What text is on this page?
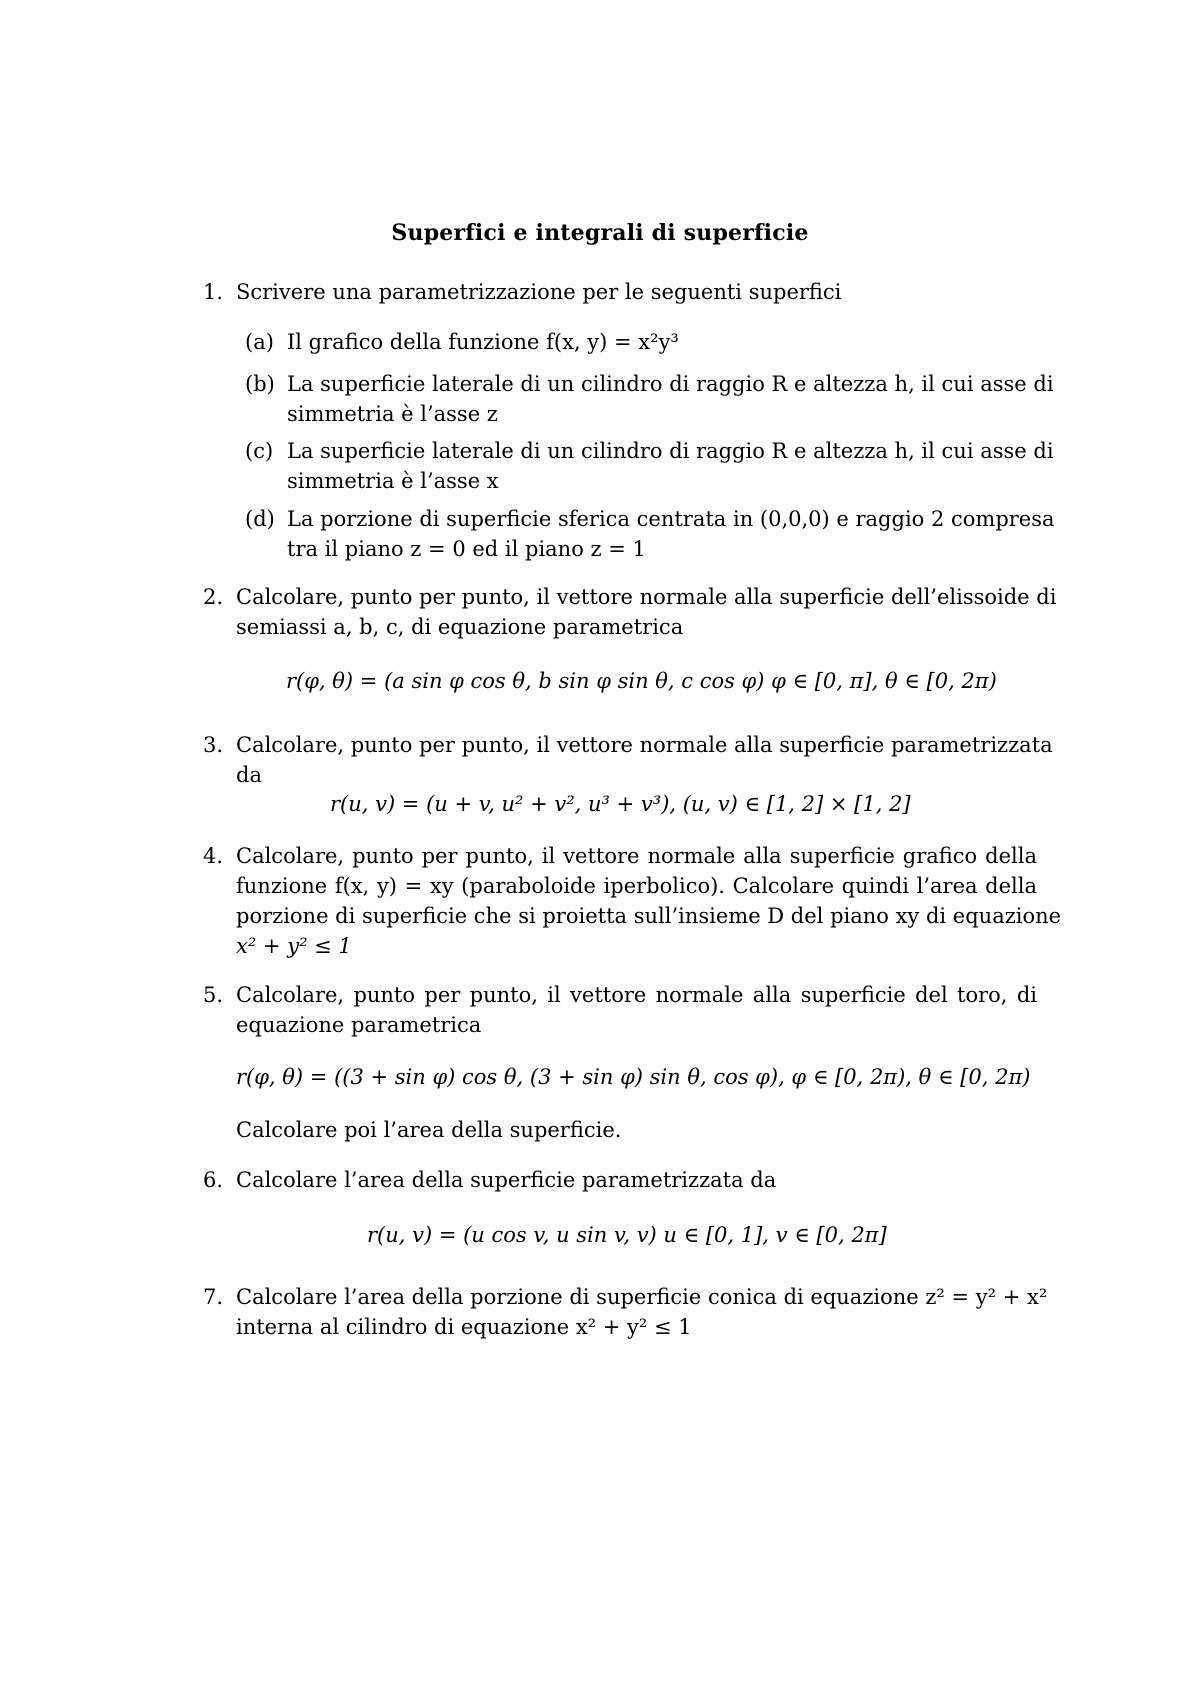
Superfici e integrali di superficie
1. Scrivere una parametrizzazione per le seguenti superfici
(a) Il grafico della funzione f(x, y) = x²y³
(b) La superficie laterale di un cilindro di raggio R e altezza h, il cui asse di
simmetria è l’asse z
(c) La superficie laterale di un cilindro di raggio R e altezza h, il cui asse di
simmetria è l’asse x
(d) La porzione di superficie sferica centrata in (0,0,0) e raggio 2 compresa
tra il piano z = 0 ed il piano z = 1
2. Calcolare, punto per punto, il vettore normale alla superficie dell’elissoide di
semiassi a, b, c, di equazione parametrica
r(φ, θ) = (a sin φ cos θ, b sin φ sin θ, c cos φ) φ ∈ [0, π], θ ∈ [0, 2π)
3. Calcolare, punto per punto, il vettore normale alla superficie parametrizzata
da
r(u, v) = (u + v, u² + v², u³ + v³), (u, v) ∈ [1, 2] × [1, 2]
4. Calcolare, punto per punto, il vettore normale alla superficie grafico della
funzione f(x, y) = xy (paraboloide iperbolico). Calcolare quindi l’area della
porzione di superficie che si proietta sull’insieme D del piano xy di equazione
x² + y² ≤ 1
5. Calcolare, punto per punto, il vettore normale alla superficie del toro, di
equazione parametrica
r(φ, θ) = ((3 + sin φ) cos θ, (3 + sin φ) sin θ, cos φ), φ ∈ [0, 2π), θ ∈ [0, 2π)
Calcolare poi l’area della superficie.
6. Calcolare l’area della superficie parametrizzata da
r(u, v) = (u cos v, u sin v, v) u ∈ [0, 1], v ∈ [0, 2π]
7. Calcolare l’area della porzione di superficie conica di equazione z² = y² + x²
interna al cilindro di equazione x² + y² ≤ 1
